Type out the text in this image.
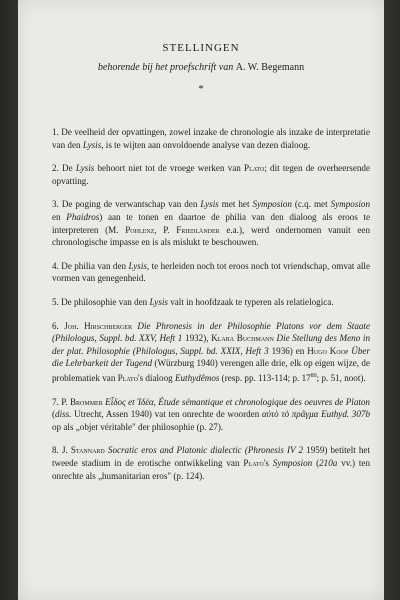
STELLINGEN
behorende bij het proefschrift van A. W. Begemann
*

1. De veelheid der opvattingen, zowel inzake de chronologie als inzake de interpretatie van den Lysis, is te wijten aan onvoldoende analyse van dezen dialoog.

2. De Lysis behoort niet tot de vroege werken van Plato; dit tegen de overheersende opvatting.

3. De poging de verwantschap van den Lysis met het Symposion (c.q. met Symposion en Phaidros) aan te tonen en daartoe de philia van den dialoog als eroos te interpreteren (M. Pohlenz, P. Friedländer e.a.), werd ondernomen vanuit een chronologische impasse en is als mislukt te beschouwen.

4. De philia van den Lysis, te herleiden noch tot eroos noch tot vriendschap, omvat alle vormen van genegenheid.

5. De philosophie van den Lysis valt in hoofdzaak te typeren als relatielogica.

6. Joh. Hirschberger Die Phronesis in der Philosophie Platons vor dem Staate (Philologus, Suppl. bd. XXV, Heft 1 1932), Klara Buchmann Die Stellung des Meno in der plat. Philosophie (Philologus, Suppl. bd. XXIX, Heft 3 1936) en Hugo Koop Über die Lehrbarkeit der Tugend (Würzburg 1940) verengen alle drie, elk op eigen wijze, de problematiek van Plato's dialoog Euthydêmos (resp. pp. 113-114; p. $17^{80}$; p. 51, noot).

7. P. Brommer Εἶδος et Ἰδέα, Étude sémantique et chronologique des oeuvres de Platon (diss. Utrecht, Assen 1940) vat ten onrechte de woorden αὐτὸ τὸ πρᾶγμα Euthyd. 307b op als „objet véritable" der philosophie (p. 27).

8. J. Stannard Socratic eros and Platonic dialectic (Phronesis IV 2 1959) betitelt het tweede stadium in de erotische ontwikkeling van Plato's Symposion (210a vv.) ten onrechte als „humanitarian eros" (p. 124).
